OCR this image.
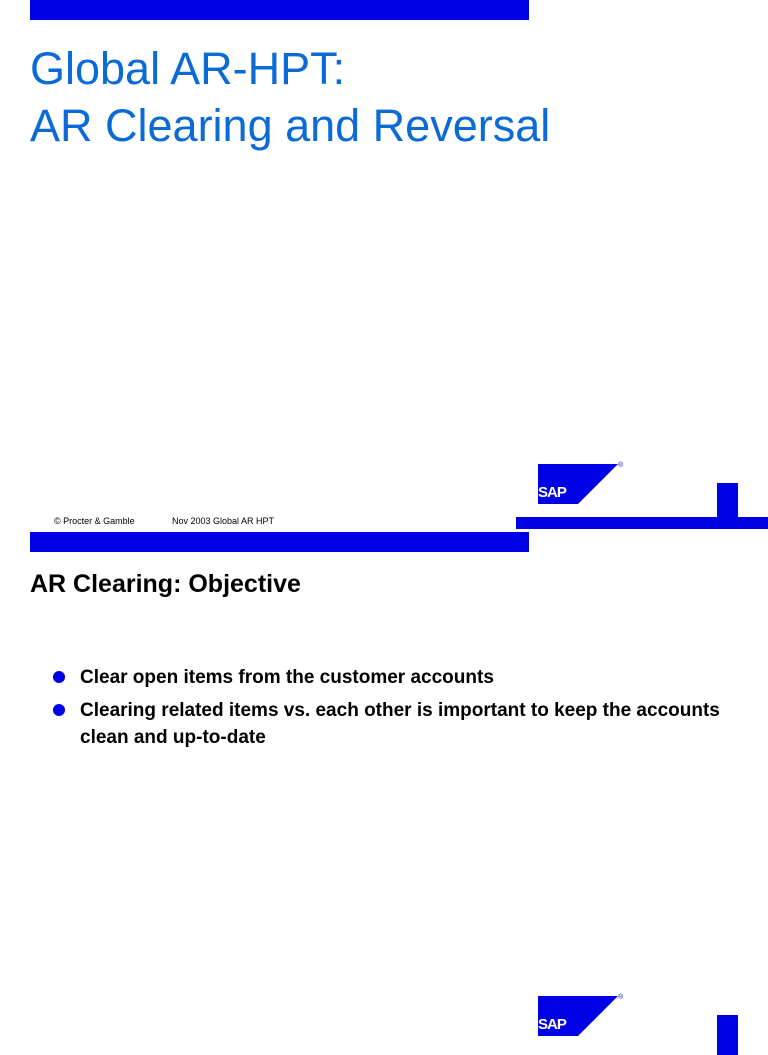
Global AR-HPT:
AR Clearing and Reversal
SAP
®
© Procter & Gamble	Nov 2003 Global AR HPT
AR Clearing: Objective
Clear open items from the customer accounts
Clearing related items vs. each other is important to keep the accounts clean and up-to-date
SAP
®
